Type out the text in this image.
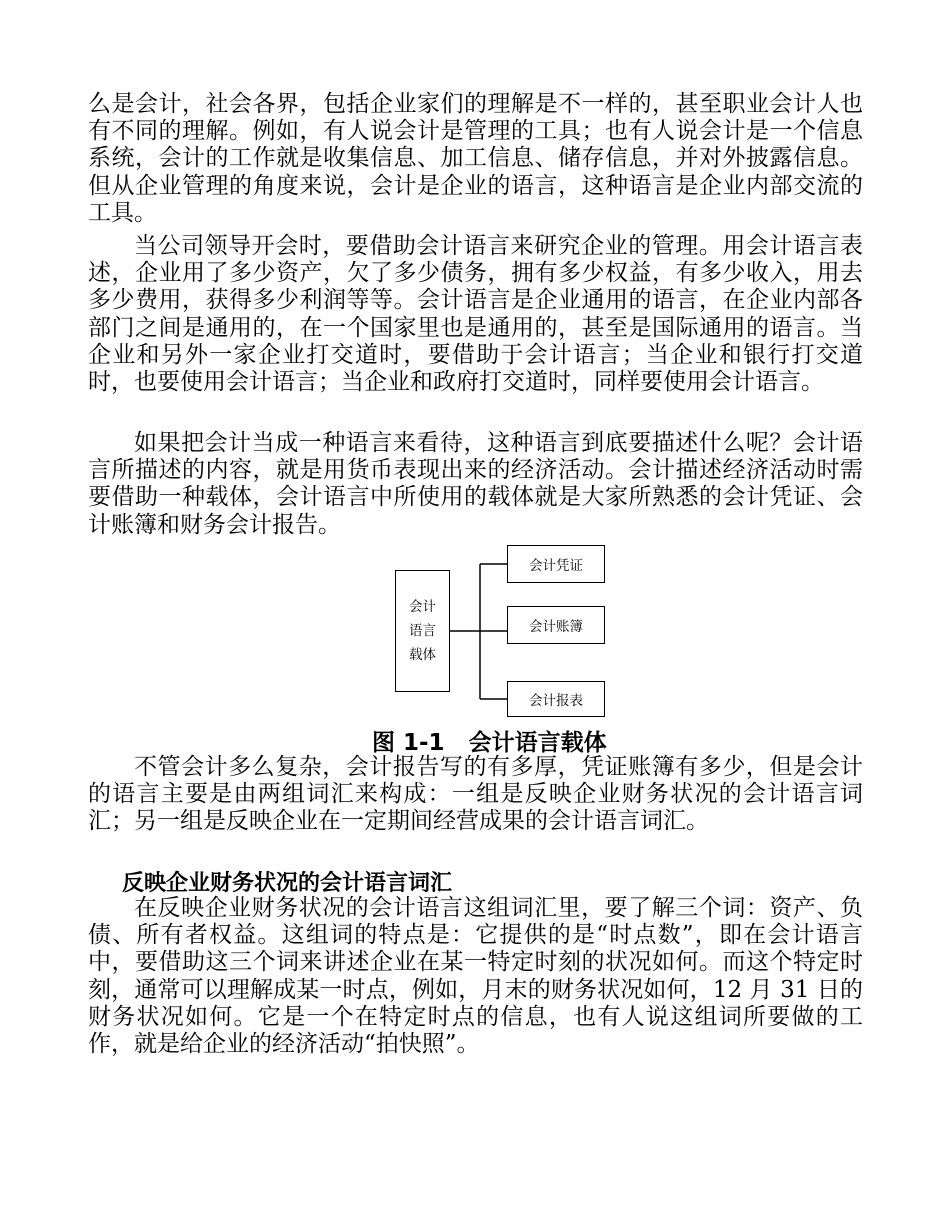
么是会计，社会各界，包括企业家们的理解是不一样的，甚至职业会计人也有不同的理解。例如，有人说会计是管理的工具；也有人说会计是一个信息系统，会计的工作就是收集信息、加工信息、储存信息，并对外披露信息。但从企业管理的角度来说，会计是企业的语言，这种语言是企业内部交流的工具。

当公司领导开会时，要借助会计语言来研究企业的管理。用会计语言表述，企业用了多少资产，欠了多少债务，拥有多少权益，有多少收入，用去多少费用，获得多少利润等等。会计语言是企业通用的语言，在企业内部各部门之间是通用的，在一个国家里也是通用的，甚至是国际通用的语言。当企业和另外一家企业打交道时，要借助于会计语言；当企业和银行打交道时，也要使用会计语言；当企业和政府打交道时，同样要使用会计语言。

如果把会计当成一种语言来看待，这种语言到底要描述什么呢？会计语言所描述的内容，就是用货币表现出来的经济活动。会计描述经济活动时需要借助一种载体，会计语言中所使用的载体就是大家所熟悉的会计凭证、会计账簿和财务会计报告。

会计
语言
载体
会计凭证
会计账簿
会计报表
图 1-1   会计语言载体

不管会计多么复杂，会计报告写的有多厚，凭证账簿有多少，但是会计的语言主要是由两组词汇来构成：一组是反映企业财务状况的会计语言词汇；另一组是反映企业在一定期间经营成果的会计语言词汇。

反映企业财务状况的会计语言词汇

在反映企业财务状况的会计语言这组词汇里，要了解三个词：资产、负债、所有者权益。这组词的特点是：它提供的是“时点数”，即在会计语言中，要借助这三个词来讲述企业在某一特定时刻的状况如何。而这个特定时刻，通常可以理解成某一时点，例如，月末的财务状况如何，12 月 31 日的财务状况如何。它是一个在特定时点的信息，也有人说这组词所要做的工作，就是给企业的经济活动“拍快照”。
